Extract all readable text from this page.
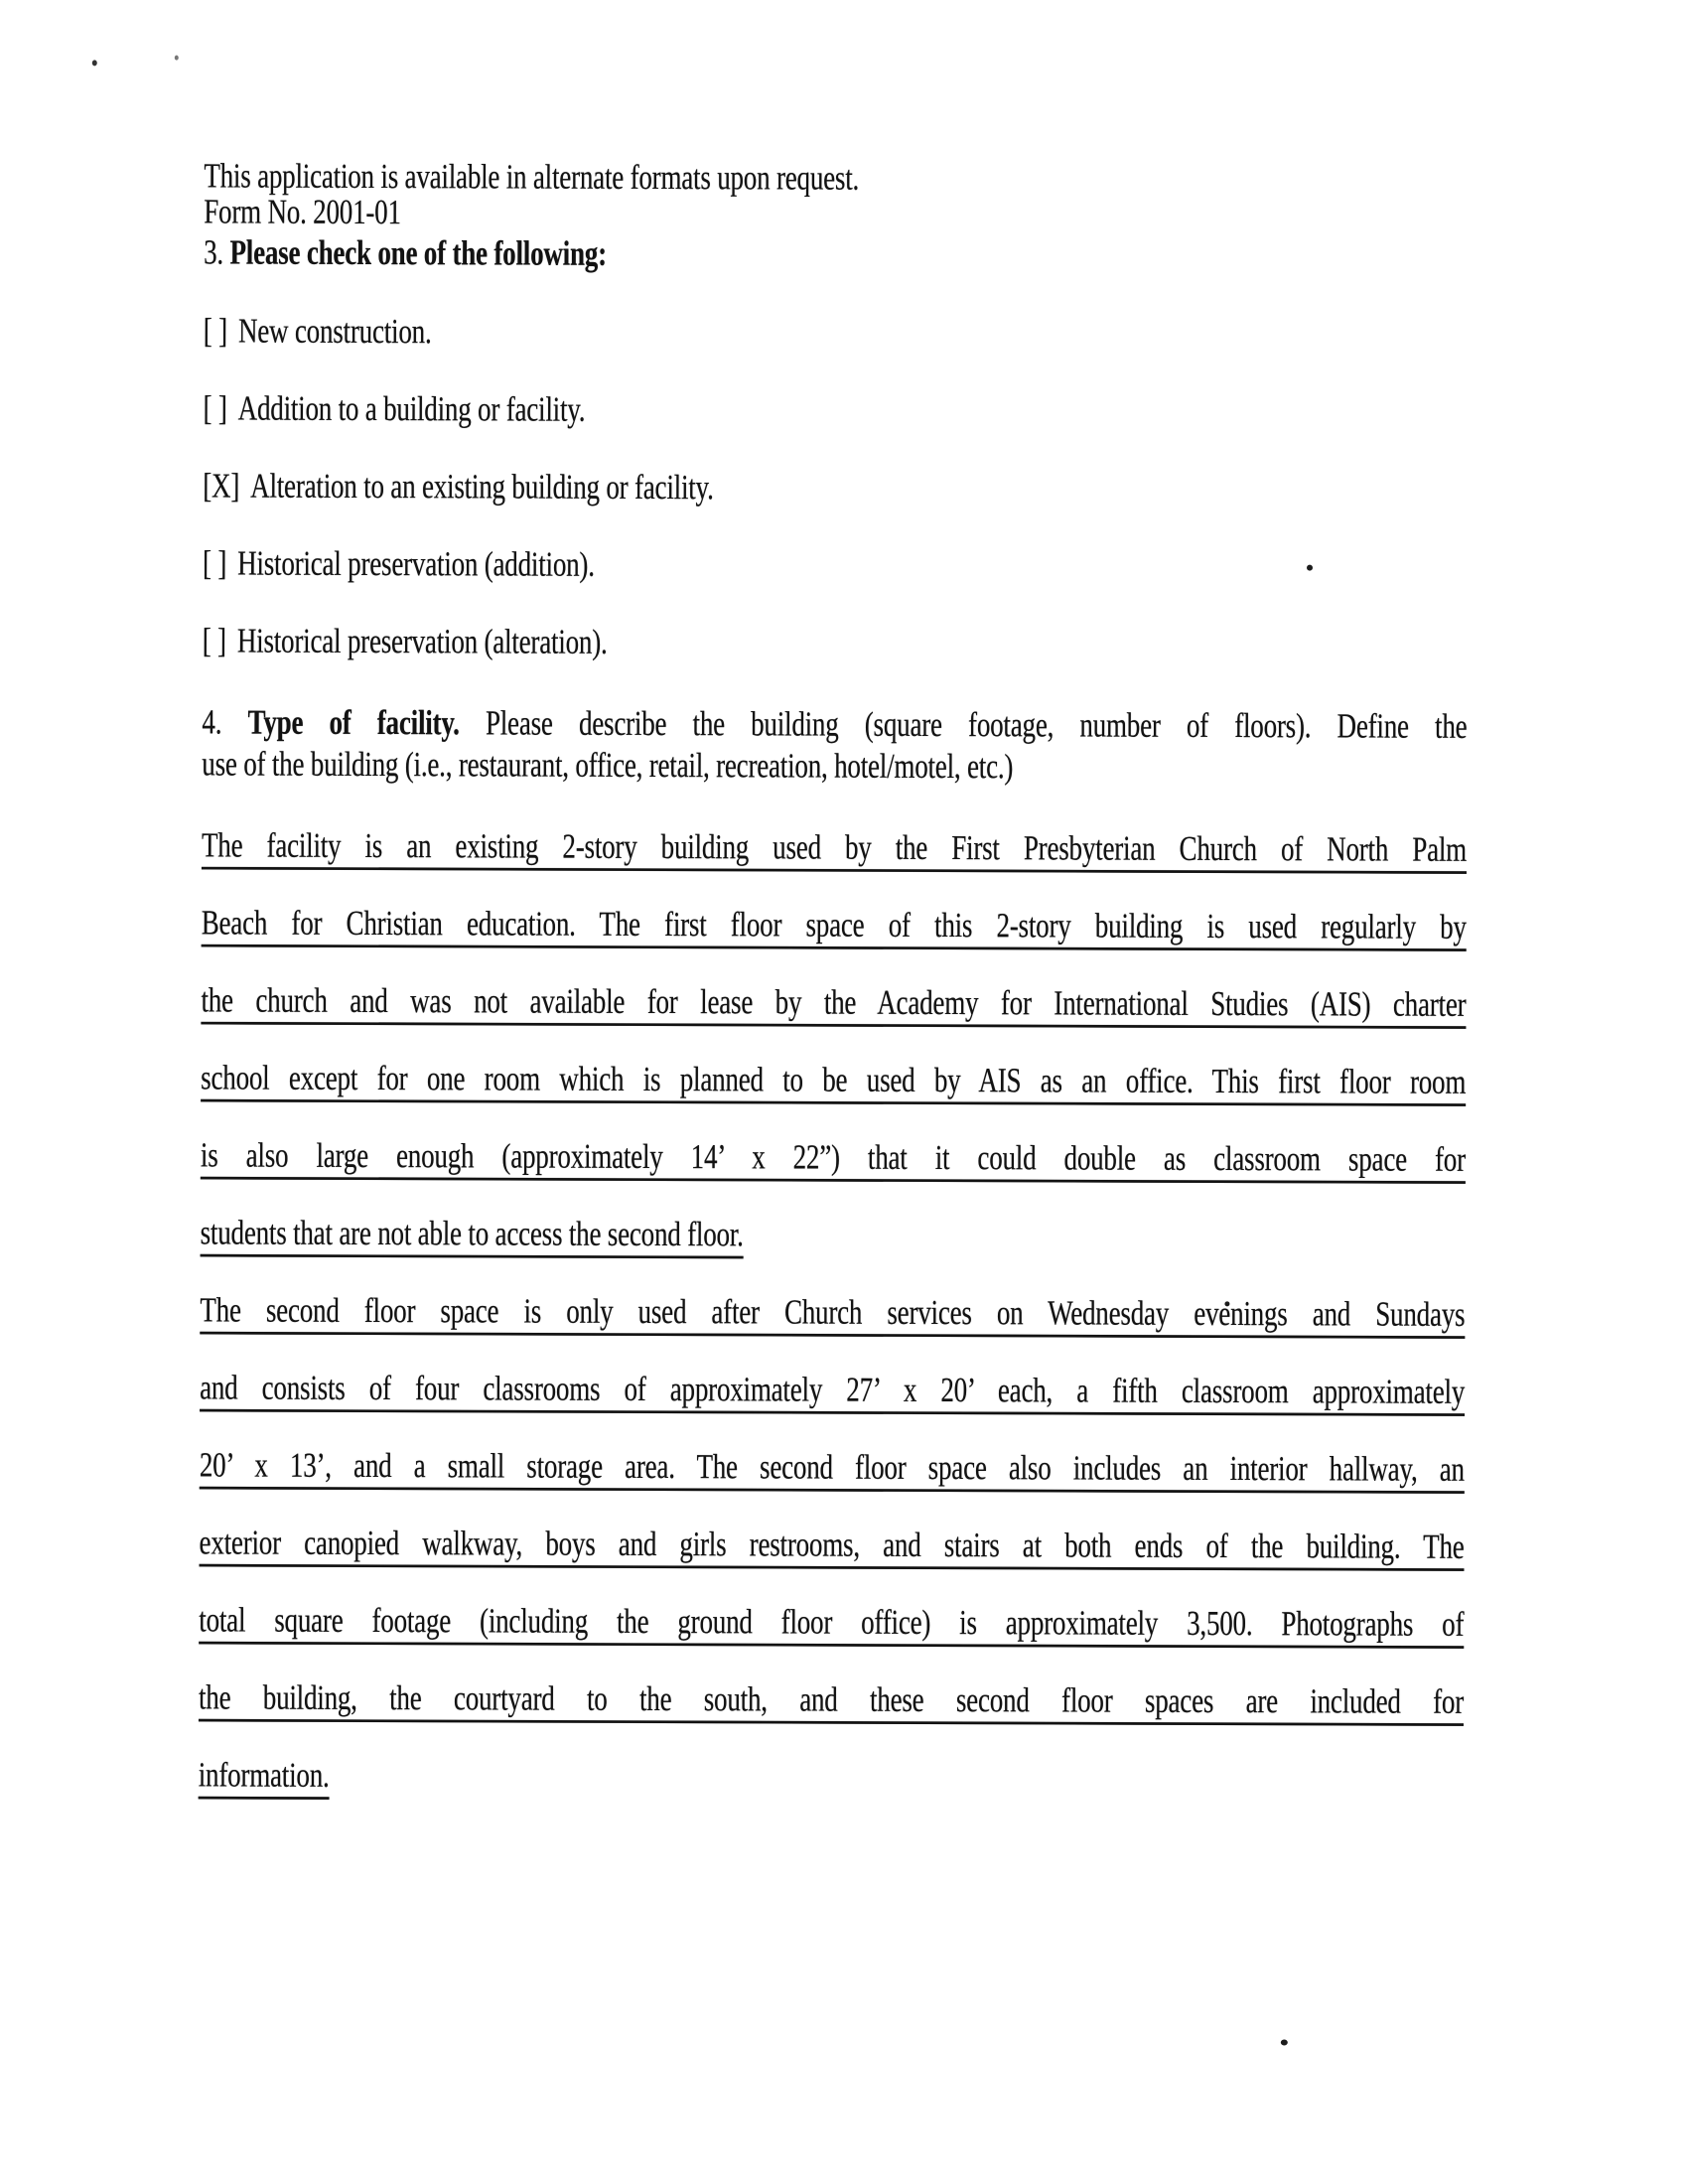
This application is available in alternate formats upon request.
Form No. 2001-01
3. Please check one of the following:
[ ] New construction.
[ ] Addition to a building or facility.
[X] Alteration to an existing building or facility.
[ ] Historical preservation (addition).
[ ] Historical preservation (alteration).
4. Type of facility. Please describe the building (square footage, number of floors). Define the
use of the building (i.e., restaurant, office, retail, recreation, hotel/motel, etc.)
The facility is an existing 2-story building used by the First Presbyterian Church of North Palm
Beach for Christian education. The first floor space of this 2-story building is used regularly by
the church and was not available for lease by the Academy for International Studies (AIS) charter
school except for one room which is planned to be used by AIS as an office. This first floor room
is also large enough (approximately 14’ x 22”) that it could double as classroom space for
students that are not able to access the second floor.
The second floor space is only used after Church services on Wednesday evenings and Sundays
and consists of four classrooms of approximately 27’ x 20’ each, a fifth classroom approximately
20’ x 13’, and a small storage area. The second floor space also includes an interior hallway, an
exterior canopied walkway, boys and girls restrooms, and stairs at both ends of the building. The
total square footage (including the ground floor office) is approximately 3,500. Photographs of
the building, the courtyard to the south, and these second floor spaces are included for
information.
